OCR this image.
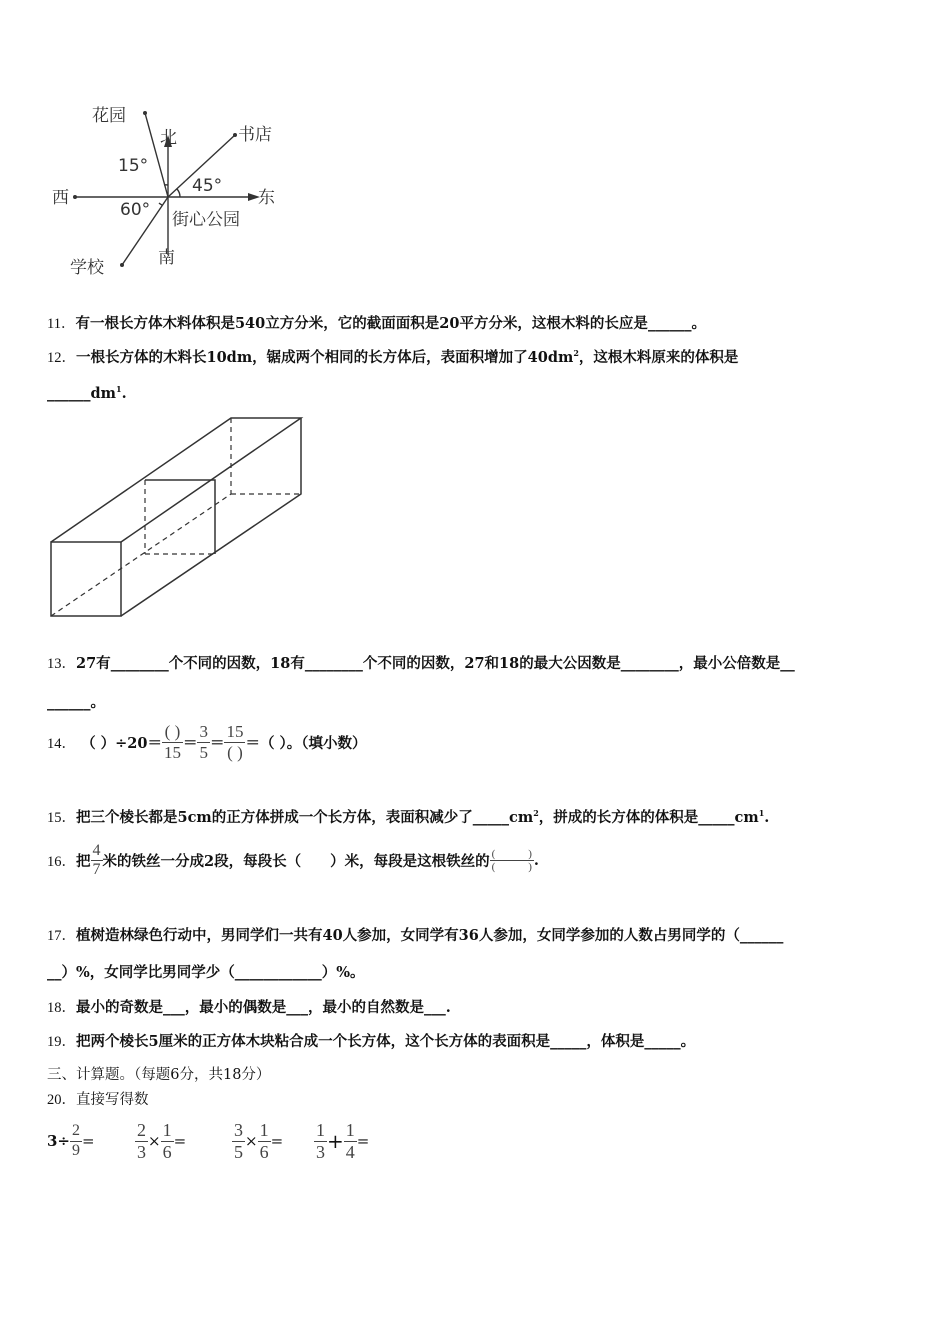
花园
北	书店
15°
45°
西	东
60° 街心公园
南
学校
11．有一根长方体木料体积是540立方分米，它的截面面积是20平方分米，这根木料的长应是______。
12．一根长方体的木料长10dm，锯成两个相同的长方体后，表面积增加了$40dm^2$，这根木料原来的体积是
$\_\_\_\_\_\_dm^1$.
13．27有________个不同的因数，18有________个不同的因数，27和18的最大公因数是________，最小公倍数是__
______。
14．
（ ）$\div 20= \frac{( )}{15} = \frac{3}{5} = \frac{15}{( )}$ ＝（ ）。（填小数）
15．把三个棱长都是5cm的正方体拼成一个长方体，表面积减少了$\_\_\_\_\_cm^2$，拼成的长方体的体积是$\_\_\_\_\_cm^1$.
16． 把 $\frac{4}{7}$ 米的铁丝一分成2段，每段长（　　）米，每段是这根铁丝的 $\frac{( )}{( )}$ .
17．植树造林绿色行动中，男同学们一共有40人参加，女同学有36人参加，女同学参加的人数占男同学的（______
__）%，女同学比男同学少（____________）%。
18．最小的奇数是___，最小的偶数是___，最小的自然数是___.
19．把两个棱长5厘米的正方体木块粘合成一个长方体，这个长方体的表面积是_____，体积是_____。
三、计算题。（每题6分，共18分）
20．直接写得数
$3\div \frac{2}{9} = \frac{2}{3} \times \frac{1}{6}$ =	$\frac{3}{5} \times \frac{1}{6} = \frac{1}{3} + \frac{1}{4}$ =
